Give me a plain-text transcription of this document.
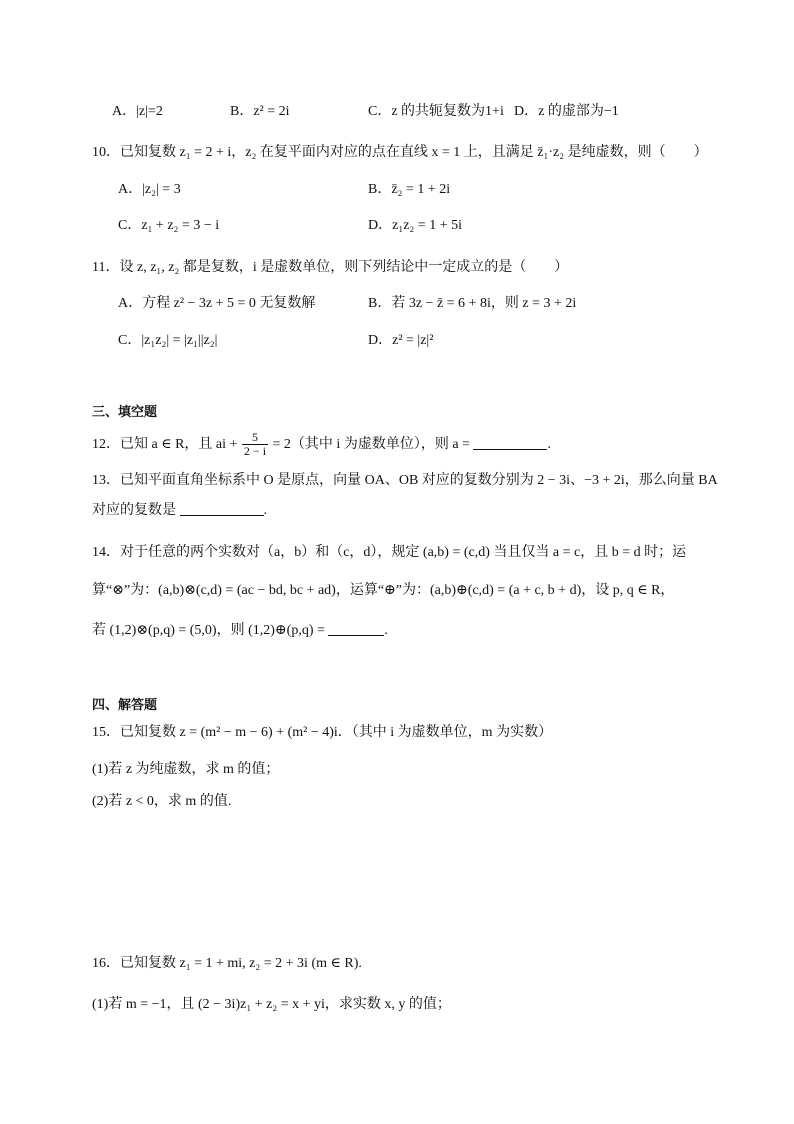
A．|z|=2	B．z² = 2i	C．z 的共轭复数为1+i D．z 的虚部为−1
10．已知复数 z₁ = 2 + i，z₂ 在复平面内对应的点在直线 x = 1 上，且满足 z̄₁·z₂ 是纯虚数，则（　　）
A．|z₂| = 3	B．z̄₂ = 1 + 2i
C．z₁ + z₂ = 3 − i	D．z₁z₂ = 1 + 5i
11．设 z, z₁, z₂ 都是复数，i 是虚数单位，则下列结论中一定成立的是（　　）
A．方程 z² − 3z + 5 = 0 无复数解	B．若 3z − z̄ = 6 + 8i，则 z = 3 + 2i
C．|z₁z₂| = |z₁||z₂|	D．z² = |z|²
三、填空题
12．已知 a ∈ R，且 ai + $\frac{5}{2 - i} = 2$（其中 i 为虚数单位），则 a =	.
13．已知平面直角坐标系中 O 是原点，向量 OA、OB 对应的复数分别为 2 − 3i、−3 + 2i，那么向量 BA
对应的复数是	.
14．对于任意的两个实数对（a，b）和（c，d），规定 (a,b) = (c,d) 当且仅当 a = c，且 b = d 时；运
算“⊗”为：(a,b)⊗(c,d) = (ac − bd, bc + ad)，运算“⊕”为：(a,b)⊕(c,d) = (a + c, b + d)，设 p, q ∈ R，
若 (1,2)⊗(p,q) = (5,0)，则 (1,2)⊕(p,q) =	.
四、解答题
15．已知复数 z = (m² − m − 6) + (m² − 4)i．（其中 i 为虚数单位，m 为实数）
(1)若 z 为纯虚数，求 m 的值；
(2)若 z < 0，求 m 的值.
16．已知复数 z₁ = 1 + mi, z₂ = 2 + 3i (m ∈ R).
(1)若 m = −1，且 (2 − 3i)z₁ + z₂ = x + yi，求实数 x, y 的值；
